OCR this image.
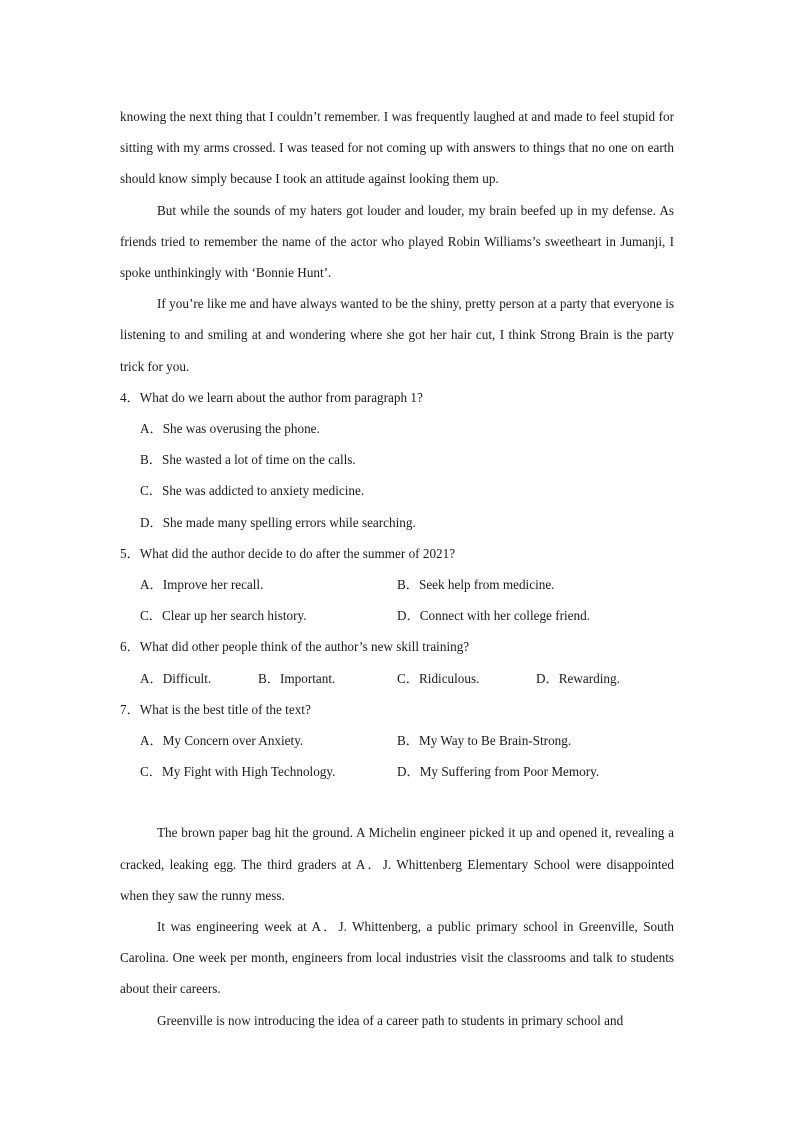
knowing the next thing that I couldn’t remember. I was frequently laughed at and made to feel stupid for sitting with my arms crossed. I was teased for not coming up with answers to things that no one on earth should know simply because I took an attitude against looking them up.

But while the sounds of my haters got louder and louder, my brain beefed up in my defense. As friends tried to remember the name of the actor who played Robin Williams’s sweetheart in Jumanji, I spoke unthinkingly with ‘Bonnie Hunt’.

If you’re like me and have always wanted to be the shiny, pretty person at a party that everyone is listening to and smiling at and wondering where she got her hair cut, I think Strong Brain is the party trick for you.

4．What do we learn about the author from paragraph 1?

A．She was overusing the phone.

B．She wasted a lot of time on the calls.

C．She was addicted to anxiety medicine.

D．She made many spelling errors while searching.

5．What did the author decide to do after the summer of 2021?

A．Improve her recall.	B．Seek help from medicine.

C．Clear up her search history.	D．Connect with her college friend.

6．What did other people think of the author’s new skill training?

A．Difficult.	B．Important.	C．Ridiculous.	D．Rewarding.

7．What is the best title of the text?

A．My Concern over Anxiety.	B．My Way to Be Brain-Strong.

C．My Fight with High Technology.	D．My Suffering from Poor Memory.

The brown paper bag hit the ground. A Michelin engineer picked it up and opened it, revealing a cracked, leaking egg. The third graders at A．J. Whittenberg Elementary School were disappointed when they saw the runny mess.

It was engineering week at A．J. Whittenberg, a public primary school in Greenville, South Carolina. One week per month, engineers from local industries visit the classrooms and talk to students about their careers.

Greenville is now introducing the idea of a career path to students in primary school and
